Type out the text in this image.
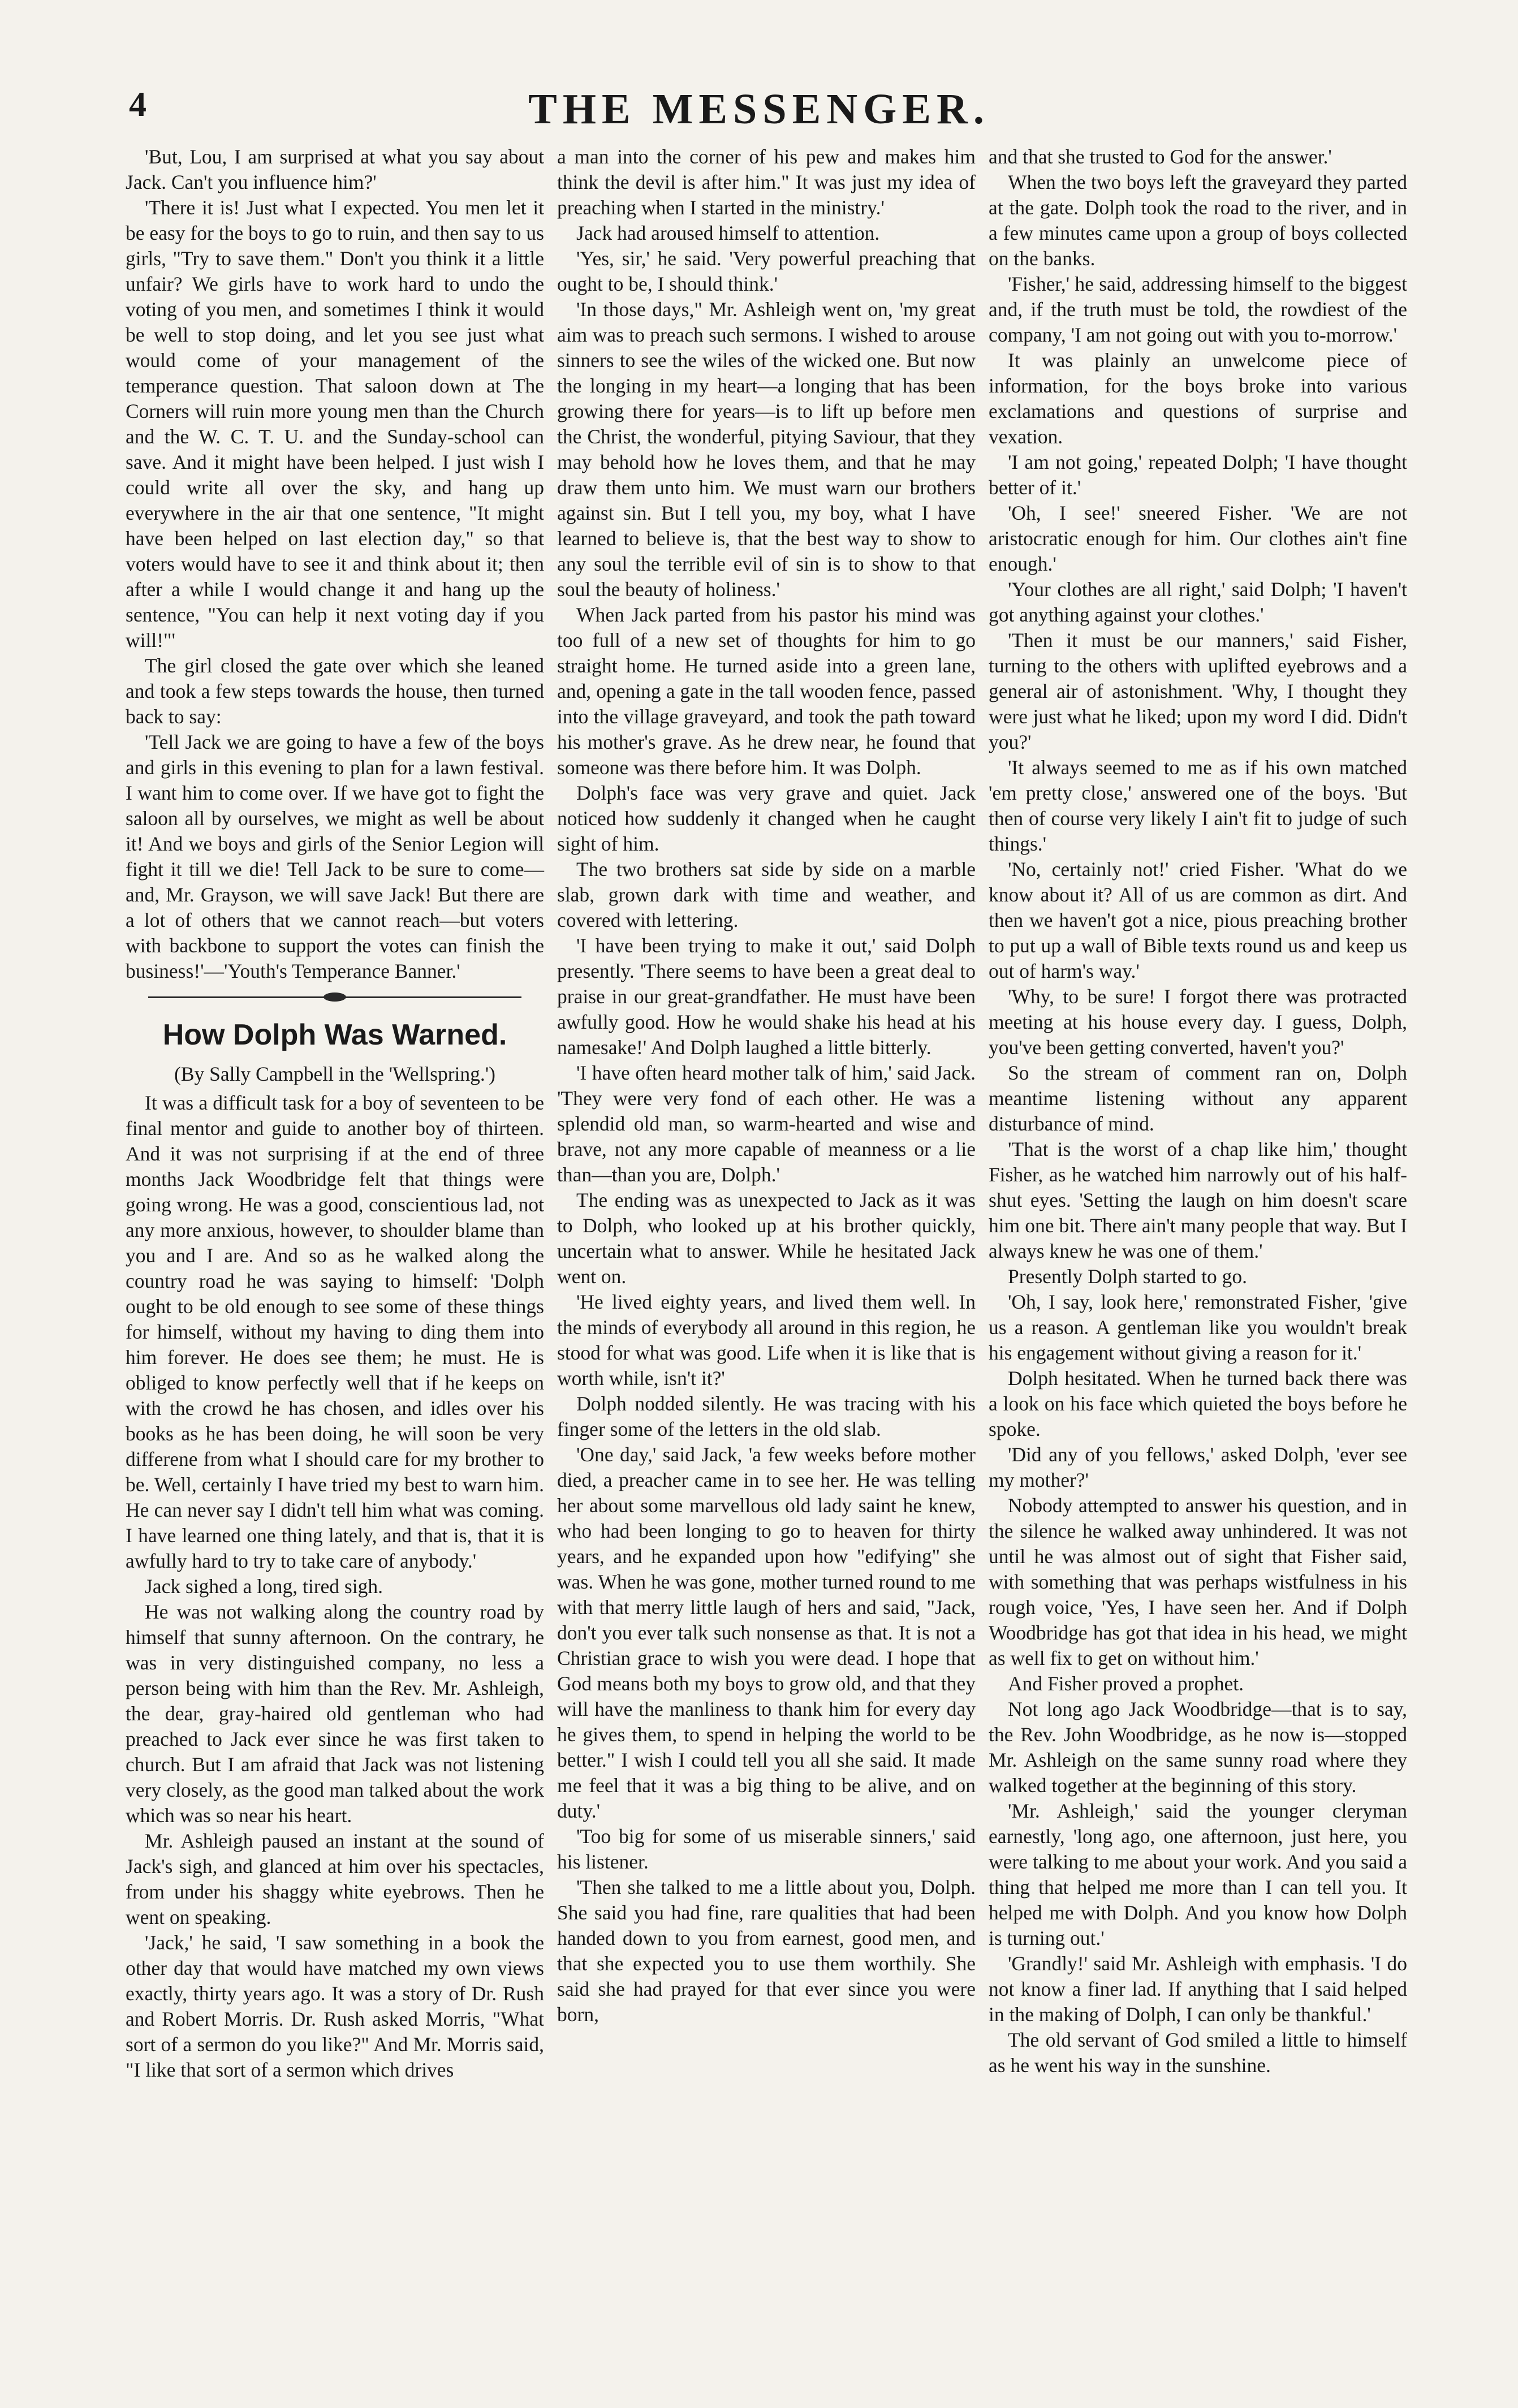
4	THE MESSENGER.

'But, Lou, I am surprised at what you say about Jack. Can't you influence him?'

'There it is! Just what I expected. You men let it be easy for the boys to go to ruin, and then say to us girls, "Try to save them." Don't you think it a little unfair? We girls have to work hard to undo the voting of you men, and sometimes I think it would be well to stop doing, and let you see just what would come of your management of the temperance question. That saloon down at The Corners will ruin more young men than the Church and the W. C. T. U. and the Sunday-school can save. And it might have been helped. I just wish I could write all over the sky, and hang up everywhere in the air that one sentence, "It might have been helped on last election day," so that voters would have to see it and think about it; then after a while I would change it and hang up the sentence, "You can help it next voting day if you will!"'

The girl closed the gate over which she leaned and took a few steps towards the house, then turned back to say:

'Tell Jack we are going to have a few of the boys and girls in this evening to plan for a lawn festival. I want him to come over. If we have got to fight the saloon all by ourselves, we might as well be about it! And we boys and girls of the Senior Legion will fight it till we die! Tell Jack to be sure to come—and, Mr. Grayson, we will save Jack! But there are a lot of others that we cannot reach—but voters with backbone to support the votes can finish the business!'—'Youth's Temperance Banner.'

How Dolph Was Warned.

(By Sally Campbell in the 'Wellspring.')

It was a difficult task for a boy of seventeen to be final mentor and guide to another boy of thirteen. And it was not surprising if at the end of three months Jack Woodbridge felt that things were going wrong. He was a good, conscientious lad, not any more anxious, however, to shoulder blame than you and I are. And so as he walked along the country road he was saying to himself: 'Dolph ought to be old enough to see some of these things for himself, without my having to ding them into him forever. He does see them; he must. He is obliged to know perfectly well that if he keeps on with the crowd he has chosen, and idles over his books as he has been doing, he will soon be very differene from what I should care for my brother to be. Well, certainly I have tried my best to warn him. He can never say I didn't tell him what was coming. I have learned one thing lately, and that is, that it is awfully hard to try to take care of anybody.'

Jack sighed a long, tired sigh.

He was not walking along the country road by himself that sunny afternoon. On the contrary, he was in very distinguished company, no less a person being with him than the Rev. Mr. Ashleigh, the dear, gray-haired old gentleman who had preached to Jack ever since he was first taken to church. But I am afraid that Jack was not listening very closely, as the good man talked about the work which was so near his heart.

Mr. Ashleigh paused an instant at the sound of Jack's sigh, and glanced at him over his spectacles, from under his shaggy white eyebrows. Then he went on speaking.

'Jack,' he said, 'I saw something in a book the other day that would have matched my own views exactly, thirty years ago. It was a story of Dr. Rush and Robert Morris. Dr. Rush asked Morris, "What sort of a sermon do you like?" And Mr. Morris said, "I like that sort of a sermon which drives

a man into the corner of his pew and makes him think the devil is after him." It was just my idea of preaching when I started in the ministry.'

Jack had aroused himself to attention.

'Yes, sir,' he said. 'Very powerful preaching that ought to be, I should think.'

'In those days," Mr. Ashleigh went on, 'my great aim was to preach such sermons. I wished to arouse sinners to see the wiles of the wicked one. But now the longing in my heart—a longing that has been growing there for years—is to lift up before men the Christ, the wonderful, pitying Saviour, that they may behold how he loves them, and that he may draw them unto him. We must warn our brothers against sin. But I tell you, my boy, what I have learned to believe is, that the best way to show to any soul the terrible evil of sin is to show to that soul the beauty of holiness.'

When Jack parted from his pastor his mind was too full of a new set of thoughts for him to go straight home. He turned aside into a green lane, and, opening a gate in the tall wooden fence, passed into the village graveyard, and took the path toward his mother's grave. As he drew near, he found that someone was there before him. It was Dolph.

Dolph's face was very grave and quiet. Jack noticed how suddenly it changed when he caught sight of him.

The two brothers sat side by side on a marble slab, grown dark with time and weather, and covered with lettering.

'I have been trying to make it out,' said Dolph presently. 'There seems to have been a great deal to praise in our great-grandfather. He must have been awfully good. How he would shake his head at his namesake!' And Dolph laughed a little bitterly.

'I have often heard mother talk of him,' said Jack. 'They were very fond of each other. He was a splendid old man, so warm-hearted and wise and brave, not any more capable of meanness or a lie than—than you are, Dolph.'

The ending was as unexpected to Jack as it was to Dolph, who looked up at his brother quickly, uncertain what to answer. While he hesitated Jack went on.

'He lived eighty years, and lived them well. In the minds of everybody all around in this region, he stood for what was good. Life when it is like that is worth while, isn't it?'

Dolph nodded silently. He was tracing with his finger some of the letters in the old slab.

'One day,' said Jack, 'a few weeks before mother died, a preacher came in to see her. He was telling her about some marvellous old lady saint he knew, who had been longing to go to heaven for thirty years, and he expanded upon how "edifying" she was. When he was gone, mother turned round to me with that merry little laugh of hers and said, "Jack, don't you ever talk such nonsense as that. It is not a Christian grace to wish you were dead. I hope that God means both my boys to grow old, and that they will have the manliness to thank him for every day he gives them, to spend in helping the world to be better." I wish I could tell you all she said. It made me feel that it was a big thing to be alive, and on duty.'

'Too big for some of us miserable sinners,' said his listener.

'Then she talked to me a little about you, Dolph. She said you had fine, rare qualities that had been handed down to you from earnest, good men, and that she expected you to use them worthily. She said she had prayed for that ever since you were born,

and that she trusted to God for the answer.'

When the two boys left the graveyard they parted at the gate. Dolph took the road to the river, and in a few minutes came upon a group of boys collected on the banks.

'Fisher,' he said, addressing himself to the biggest and, if the truth must be told, the rowdiest of the company, 'I am not going out with you to-morrow.'

It was plainly an unwelcome piece of information, for the boys broke into various exclamations and questions of surprise and vexation.

'I am not going,' repeated Dolph; 'I have thought better of it.'

'Oh, I see!' sneered Fisher. 'We are not aristocratic enough for him. Our clothes ain't fine enough.'

'Your clothes are all right,' said Dolph; 'I haven't got anything against your clothes.'

'Then it must be our manners,' said Fisher, turning to the others with uplifted eyebrows and a general air of astonishment. 'Why, I thought they were just what he liked; upon my word I did. Didn't you?'

'It always seemed to me as if his own matched 'em pretty close,' answered one of the boys. 'But then of course very likely I ain't fit to judge of such things.'

'No, certainly not!' cried Fisher. 'What do we know about it? All of us are common as dirt. And then we haven't got a nice, pious preaching brother to put up a wall of Bible texts round us and keep us out of harm's way.'

'Why, to be sure! I forgot there was protracted meeting at his house every day. I guess, Dolph, you've been getting converted, haven't you?'

So the stream of comment ran on, Dolph meantime listening without any apparent disturbance of mind.

'That is the worst of a chap like him,' thought Fisher, as he watched him narrowly out of his half-shut eyes. 'Setting the laugh on him doesn't scare him one bit. There ain't many people that way. But I always knew he was one of them.'

Presently Dolph started to go.

'Oh, I say, look here,' remonstrated Fisher, 'give us a reason. A gentleman like you wouldn't break his engagement without giving a reason for it.'

Dolph hesitated. When he turned back there was a look on his face which quieted the boys before he spoke.

'Did any of you fellows,' asked Dolph, 'ever see my mother?'

Nobody attempted to answer his question, and in the silence he walked away unhindered. It was not until he was almost out of sight that Fisher said, with something that was perhaps wistfulness in his rough voice, 'Yes, I have seen her. And if Dolph Woodbridge has got that idea in his head, we might as well fix to get on without him.'

And Fisher proved a prophet.

Not long ago Jack Woodbridge—that is to say, the Rev. John Woodbridge, as he now is—stopped Mr. Ashleigh on the same sunny road where they walked together at the beginning of this story.

'Mr. Ashleigh,' said the younger cleryman earnestly, 'long ago, one afternoon, just here, you were talking to me about your work. And you said a thing that helped me more than I can tell you. It helped me with Dolph. And you know how Dolph is turning out.'

'Grandly!' said Mr. Ashleigh with emphasis. 'I do not know a finer lad. If anything that I said helped in the making of Dolph, I can only be thankful.'

The old servant of God smiled a little to himself as he went his way in the sunshine.
